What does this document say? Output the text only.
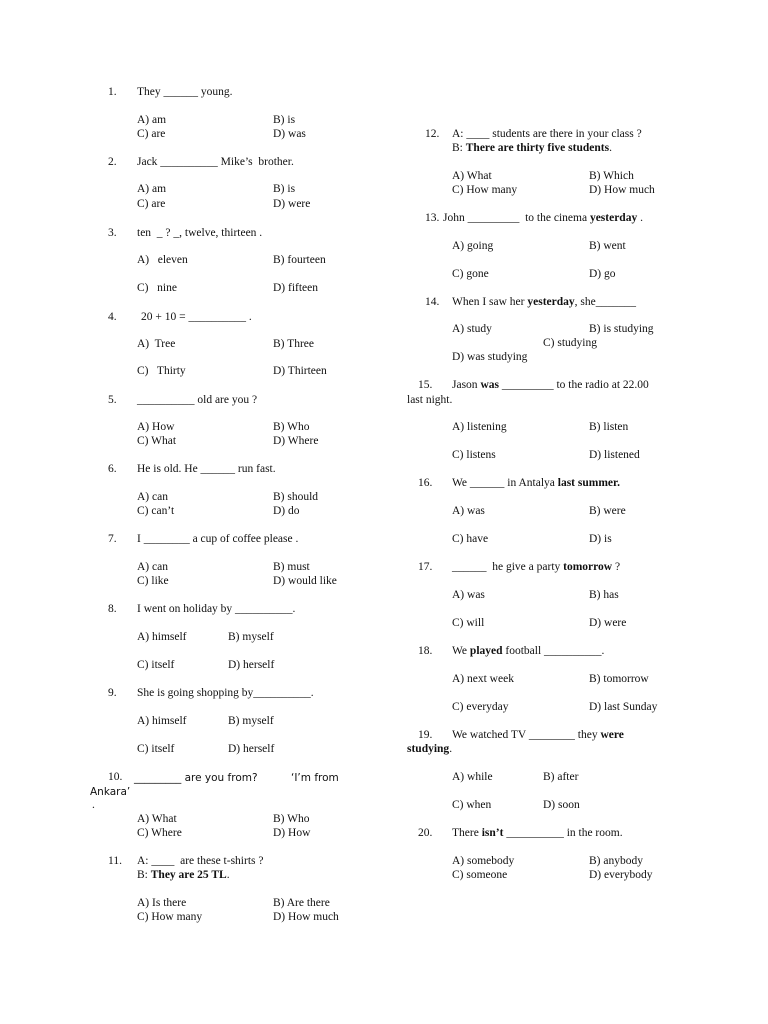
1. They ______ young.
A) am	B) is
C) are	D) was
2. Jack __________ Mike’s  brother.
A) am	B) is
C) are	D) were
3. ten  _ ? _, twelve, thirteen .
A)   eleven	B) fourteen
C)   nine	D) fifteen
4. 20 + 10 = __________ .
A)  Tree	B) Three
C)   Thirty	D) Thirteen
5. __________ old are you ?
A) How	B) Who
C) What	D) Where
6. He is old. He ______ run fast.
A) can	B) should
C) can’t	D) do
7. I ________ a cup of coffee please .
A) can	B) must
C) like	D) would like
8. I went on holiday by __________.
A) himself	B) myself
C) itself	D) herself
9. She is going shopping by__________.
A) himself	B) myself
C) itself	D) herself
10. _________ are you from?	‘I’m from
Ankara’
.
A) What	B) Who
C) Where	D) How
11. A: ____  are these t-shirts ?
B: They are 25 TL.
A) Is there	B) Are there
C) How many	D) How much
12. A: ____ students are there in your class ?
B: There are thirty five students.
A) What	B) Which
C) How many	D) How much
13. John _________  to the cinema yesterday .
A) going	B) went
C) gone	D) go
14. When I saw her yesterday, she_______
A) study	B) is studying
C) studying
D) was studying
15. Jason was _________ to the radio at 22.00
last night.
A) listening	B) listen
C) listens	D) listened
16. We ______ in Antalya last summer.
A) was	B) were
C) have	D) is
17. ______  he give a party tomorrow ?
A) was	B) has
C) will	D) were
18. We played football __________.
A) next week	B) tomorrow
C) everyday	D) last Sunday
19. We watched TV ________ they were
studying.
A) while	B) after
C) when	D) soon
20. There isn’t __________ in the room.
A) somebody	B) anybody
C) someone	D) everybody
